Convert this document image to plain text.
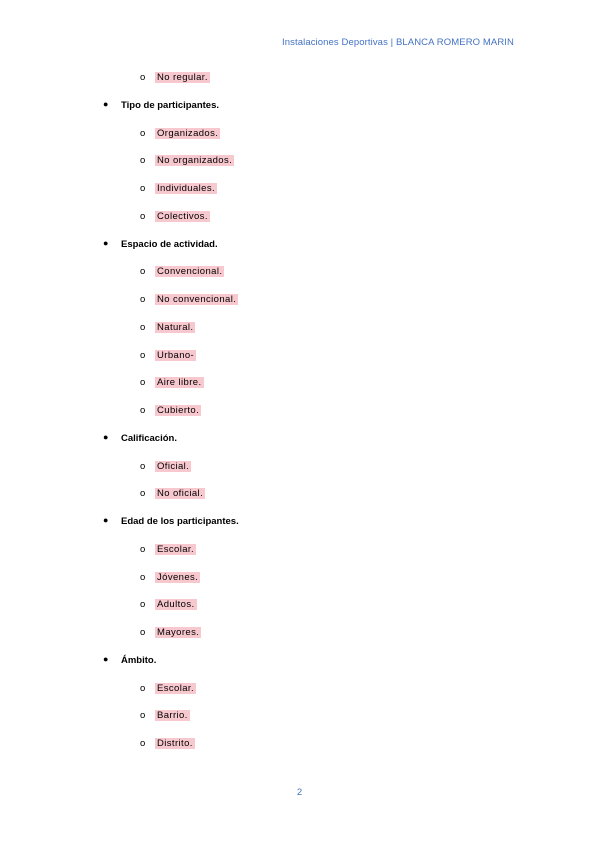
Instalaciones Deportivas | BLANCA ROMERO MARIN
o No regular.
● Tipo de participantes.
o Organizados.
o No organizados.
o Individuales.
o Colectivos.
● Espacio de actividad.
o Convencional.
o No convencional.
o Natural.
o Urbano-
o Aire libre.
o Cubierto.
● Calificación.
o Oficial.
o No oficial.
● Edad de los participantes.
o Escolar.
o Jóvenes.
o Adultos.
o Mayores.
● Ámbito.
o Escolar.
o Barrio.
o Distrito.
2
